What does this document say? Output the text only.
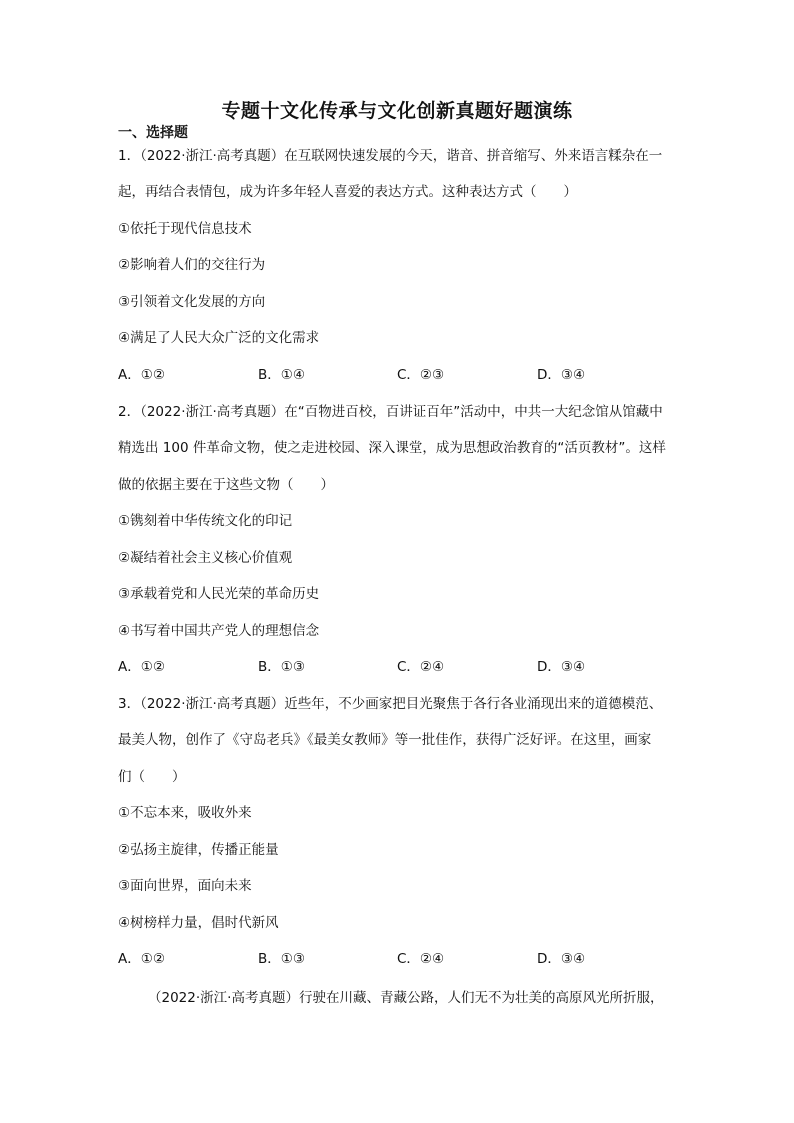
专题十文化传承与文化创新真题好题演练
一、选择题
1．（2022·浙江·高考真题）在互联网快速发展的今天，谐音、拼音缩写、外来语言糅杂在一
起，再结合表情包，成为许多年轻人喜爱的表达方式。这种表达方式（　　）
①依托于现代信息技术
②影响着人们的交往行为
③引领着文化发展的方向
④满足了人民大众广泛的文化需求
A．①②	B．①④	C．②③	D．③④
2．（2022·浙江·高考真题）在“百物进百校，百讲证百年”活动中，中共一大纪念馆从馆藏中
精选出 100 件革命文物，使之走进校园、深入课堂，成为思想政治教育的“活页教材”。这样
做的依据主要在于这些文物（　　）
①镌刻着中华传统文化的印记
②凝结着社会主义核心价值观
③承载着党和人民光荣的革命历史
④书写着中国共产党人的理想信念
A．①②	B．①③	C．②④	D．③④
3．（2022·浙江·高考真题）近些年，不少画家把目光聚焦于各行各业涌现出来的道德模范、
最美人物，创作了《守岛老兵》《最美女教师》等一批佳作，获得广泛好评。在这里，画家
们（　　）
①不忘本来，吸收外来
②弘扬主旋律，传播正能量
③面向世界，面向未来
④树榜样力量，倡时代新风
A．①②	B．①③	C．②④	D．③④
（2022·浙江·高考真题）行驶在川藏、青藏公路，人们无不为壮美的高原风光所折服，
